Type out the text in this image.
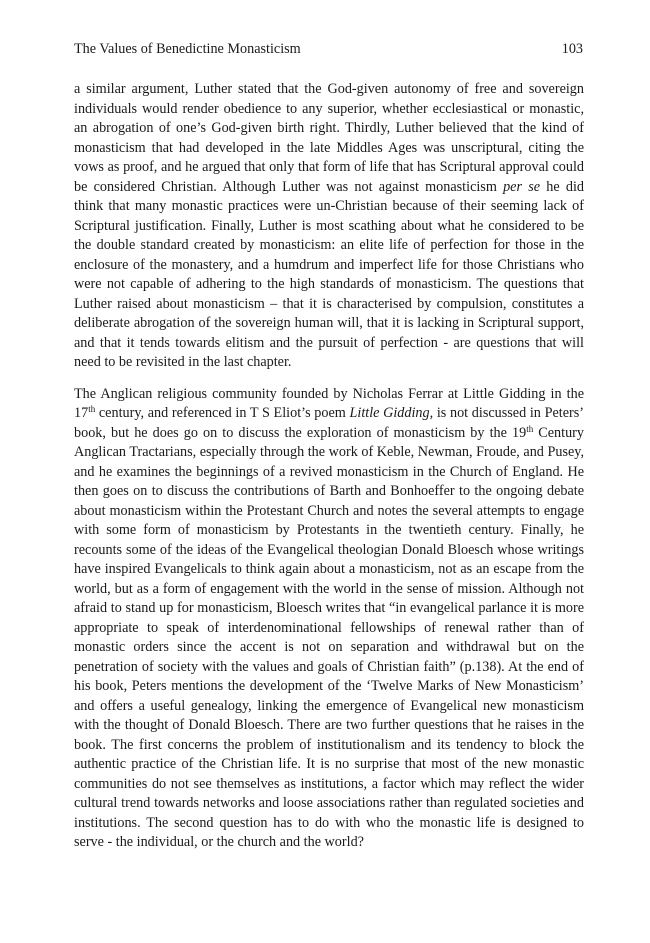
The Values of Benedictine Monasticism	103

a similar argument, Luther stated that the God-given autonomy of free and sovereign individuals would render obedience to any superior, whether ecclesiastical or monastic, an abrogation of one’s God-given birth right. Thirdly, Luther believed that the kind of monasticism that had developed in the late Middles Ages was unscriptural, citing the vows as proof, and he argued that only that form of life that has Scriptural approval could be considered Christian. Although Luther was not against monasticism per se he did think that many monastic practices were un-Christian because of their seeming lack of Scriptural justification. Finally, Luther is most scathing about what he considered to be the double standard created by monasticism: an elite life of perfection for those in the enclosure of the monastery, and a humdrum and imperfect life for those Christians who were not capable of adhering to the high standards of monasticism. The questions that Luther raised about monasticism – that it is characterised by compulsion, constitutes a deliberate abrogation of the sovereign human will, that it is lacking in Scriptural support, and that it tends towards elitism and the pursuit of perfection - are questions that will need to be revisited in the last chapter.

The Anglican religious community founded by Nicholas Ferrar at Little Gidding in the 17th century, and referenced in T S Eliot’s poem Little Gidding, is not discussed in Peters’ book, but he does go on to discuss the exploration of monasticism by the 19th Century Anglican Tractarians, especially through the work of Keble, Newman, Froude, and Pusey, and he examines the beginnings of a revived monasticism in the Church of England. He then goes on to discuss the contributions of Barth and Bonhoeffer to the ongoing debate about monasticism within the Protestant Church and notes the several attempts to engage with some form of monasticism by Protestants in the twentieth century. Finally, he recounts some of the ideas of the Evangelical theologian Donald Bloesch whose writings have inspired Evangelicals to think again about a monasticism, not as an escape from the world, but as a form of engagement with the world in the sense of mission. Although not afraid to stand up for monasticism, Bloesch writes that “in evangelical parlance it is more appropriate to speak of interdenominational fellowships of renewal rather than of monastic orders since the accent is not on separation and withdrawal but on the penetration of society with the values and goals of Christian faith” (p.138). At the end of his book, Peters mentions the development of the ‘Twelve Marks of New Monasticism’ and offers a useful genealogy, linking the emergence of Evangelical new monasticism with the thought of Donald Bloesch. There are two further questions that he raises in the book. The first concerns the problem of institutionalism and its tendency to block the authentic practice of the Christian life. It is no surprise that most of the new monastic communities do not see themselves as institutions, a factor which may reflect the wider cultural trend towards networks and loose associations rather than regulated societies and institutions. The second question has to do with who the monastic life is designed to serve - the individual, or the church and the world?
